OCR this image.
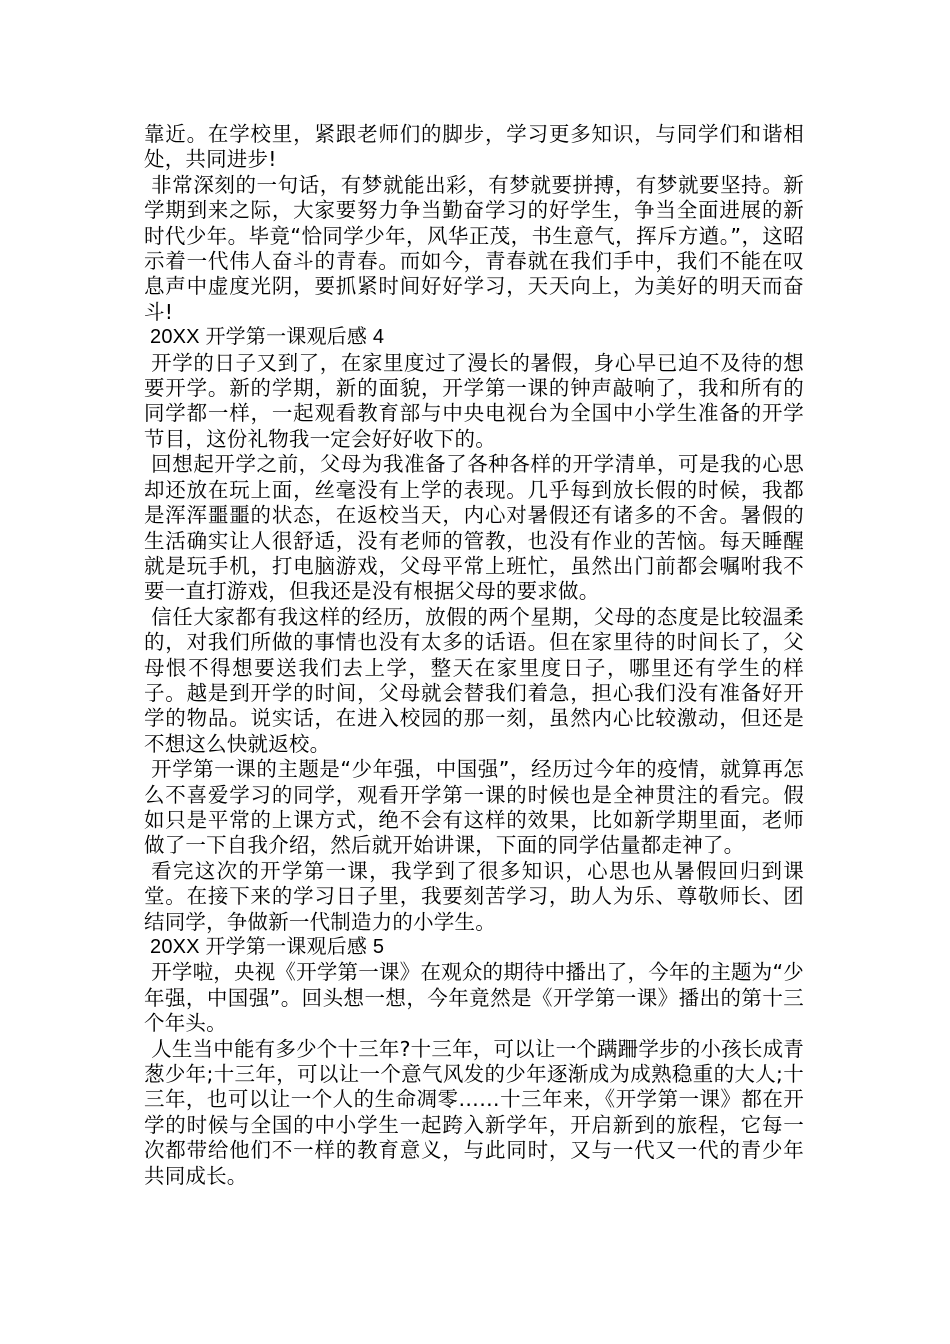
靠近。在学校里，紧跟老师们的脚步，学习更多知识，与同学们和谐相处，共同进步!

非常深刻的一句话，有梦就能出彩，有梦就要拼搏，有梦就要坚持。新学期到来之际，大家要努力争当勤奋学习的好学生，争当全面进展的新时代少年。毕竟“恰同学少年，风华正茂，书生意气，挥斥方遒。”，这昭示着一代伟人奋斗的青春。而如今，青春就在我们手中，我们不能在叹息声中虚度光阴，要抓紧时间好好学习，天天向上，为美好的明天而奋斗!

20XX 开学第一课观后感 4

开学的日子又到了，在家里度过了漫长的暑假，身心早已迫不及待的想要开学。新的学期，新的面貌，开学第一课的钟声敲响了，我和所有的同学都一样，一起观看教育部与中央电视台为全国中小学生准备的开学节目，这份礼物我一定会好好收下的。

回想起开学之前，父母为我准备了各种各样的开学清单，可是我的心思却还放在玩上面，丝毫没有上学的表现。几乎每到放长假的时候，我都是浑浑噩噩的状态，在返校当天，内心对暑假还有诸多的不舍。暑假的生活确实让人很舒适，没有老师的管教，也没有作业的苦恼。每天睡醒就是玩手机，打电脑游戏，父母平常上班忙，虽然出门前都会嘱咐我不要一直打游戏，但我还是没有根据父母的要求做。

信任大家都有我这样的经历，放假的两个星期，父母的态度是比较温柔的，对我们所做的事情也没有太多的话语。但在家里待的时间长了，父母恨不得想要送我们去上学，整天在家里度日子，哪里还有学生的样子。越是到开学的时间，父母就会替我们着急，担心我们没有准备好开学的物品。说实话，在进入校园的那一刻，虽然内心比较激动，但还是不想这么快就返校。

开学第一课的主题是“少年强，中国强”，经历过今年的疫情，就算再怎么不喜爱学习的同学，观看开学第一课的时候也是全神贯注的看完。假如只是平常的上课方式，绝不会有这样的效果，比如新学期里面，老师做了一下自我介绍，然后就开始讲课，下面的同学估量都走神了。

看完这次的开学第一课，我学到了很多知识，心思也从暑假回归到课堂。在接下来的学习日子里，我要刻苦学习，助人为乐、尊敬师长、团结同学，争做新一代制造力的小学生。

20XX 开学第一课观后感 5

开学啦，央视《开学第一课》在观众的期待中播出了，今年的主题为“少年强，中国强”。回头想一想，今年竟然是《开学第一课》播出的第十三个年头。

人生当中能有多少个十三年?十三年，可以让一个蹒跚学步的小孩长成青葱少年;十三年，可以让一个意气风发的少年逐渐成为成熟稳重的大人;十三年，也可以让一个人的生命凋零……十三年来，《开学第一课》都在开学的时候与全国的中小学生一起跨入新学年，开启新到的旅程，它每一次都带给他们不一样的教育意义，与此同时，又与一代又一代的青少年共同成长。
